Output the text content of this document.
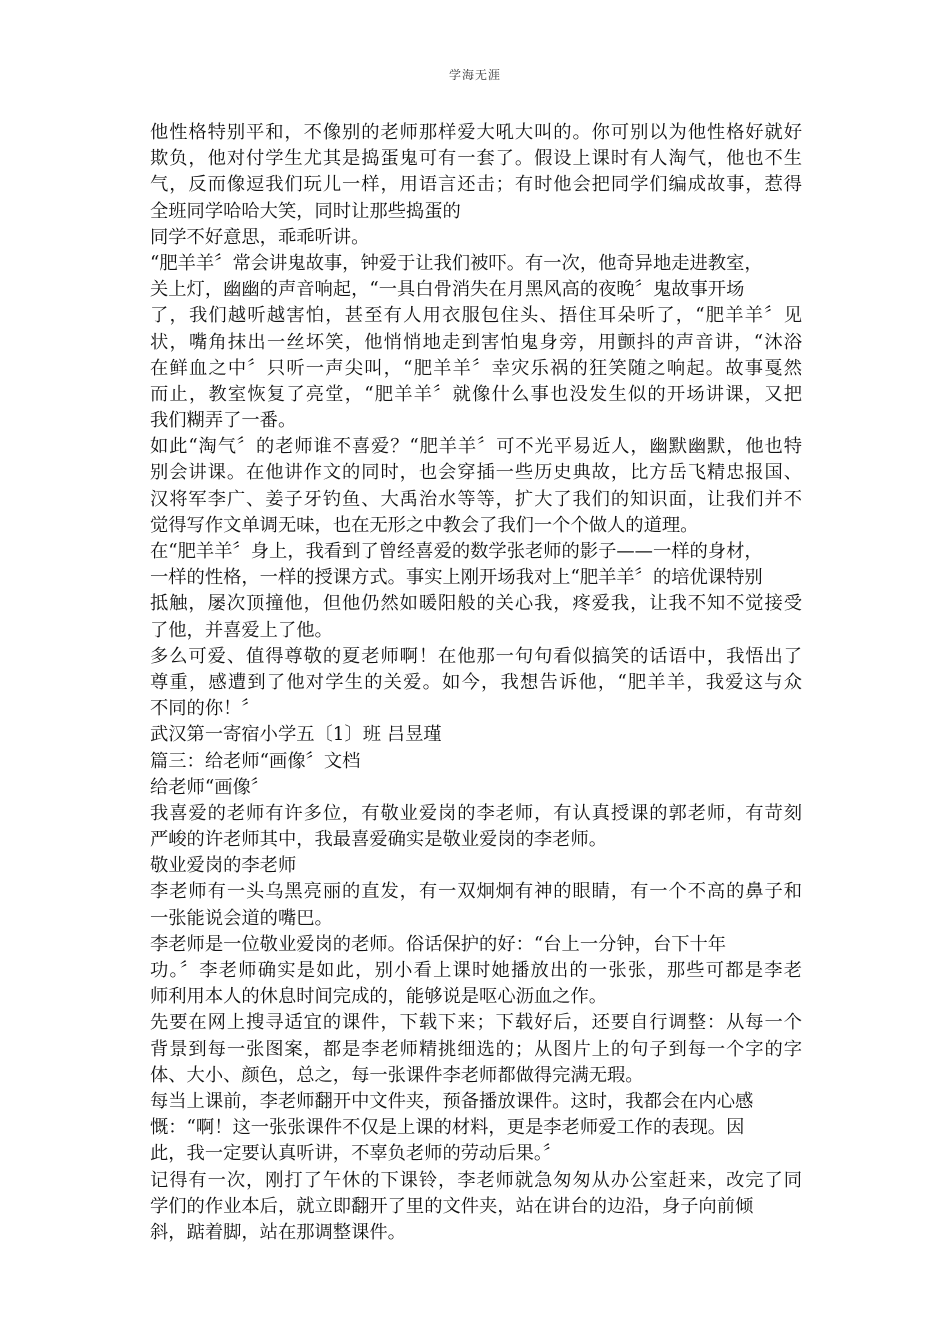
学海无涯
他性格特别平和，不像别的老师那样爱大吼大叫的。你可别以为他性格好就好
欺负，他对付学生尤其是捣蛋鬼可有一套了。假设上课时有人淘气，他也不生
气，反而像逗我们玩儿一样，用语言还击；有时他会把同学们编成故事，惹得
全班同学哈哈大笑，同时让那些捣蛋的
同学不好意思，乖乖听讲。
“肥羊羊〞常会讲鬼故事，钟爱于让我们被吓。有一次，他奇异地走进教室，
关上灯，幽幽的声音响起，“一具白骨消失在月黑风高的夜晚〞鬼故事开场
了，我们越听越害怕，甚至有人用衣服包住头、捂住耳朵听了，“肥羊羊〞见
状，嘴角抹出一丝坏笑，他悄悄地走到害怕鬼身旁，用颤抖的声音讲，“沐浴
在鲜血之中〞只听一声尖叫，“肥羊羊〞幸灾乐祸的狂笑随之响起。故事戛然
而止，教室恢复了亮堂，“肥羊羊〞就像什么事也没发生似的开场讲课，又把
我们糊弄了一番。
如此“淘气〞的老师谁不喜爱？“肥羊羊〞可不光平易近人，幽默幽默，他也特
别会讲课。在他讲作文的同时，也会穿插一些历史典故，比方岳飞精忠报国、
汉将军李广、姜子牙钓鱼、大禹治水等等，扩大了我们的知识面，让我们并不
觉得写作文单调无味，也在无形之中教会了我们一个个做人的道理。
在“肥羊羊〞身上，我看到了曾经喜爱的数学张老师的影子——一样的身材，
一样的性格，一样的授课方式。事实上刚开场我对上“肥羊羊〞的培优课特别
抵触，屡次顶撞他，但他仍然如暖阳般的关心我，疼爱我，让我不知不觉接受
了他，并喜爱上了他。
多么可爱、值得尊敬的夏老师啊！在他那一句句看似搞笑的话语中，我悟出了
尊重，感遭到了他对学生的关爱。如今，我想告诉他，“肥羊羊，我爱这与众
不同的你！〞
武汉第一寄宿小学五〔1〕班 吕昱瑾
篇三：给老师“画像〞文档
给老师“画像〞
我喜爱的老师有许多位，有敬业爱岗的李老师，有认真授课的郭老师，有苛刻
严峻的许老师其中，我最喜爱确实是敬业爱岗的李老师。
敬业爱岗的李老师
李老师有一头乌黑亮丽的直发，有一双炯炯有神的眼睛，有一个不高的鼻子和
一张能说会道的嘴巴。
李老师是一位敬业爱岗的老师。俗话保护的好：“台上一分钟，台下十年
功。〞李老师确实是如此，别小看上课时她播放出的一张张，那些可都是李老
师利用本人的休息时间完成的，能够说是呕心沥血之作。
先要在网上搜寻适宜的课件，下载下来；下载好后，还要自行调整：从每一个
背景到每一张图案，都是李老师精挑细选的；从图片上的句子到每一个字的字
体、大小、颜色，总之，每一张课件李老师都做得完满无瑕。
每当上课前，李老师翻开中文件夹，预备播放课件。这时，我都会在内心感
慨：“啊！这一张张课件不仅是上课的材料，更是李老师爱工作的表现。因
此，我一定要认真听讲，不辜负老师的劳动后果。〞
记得有一次，刚打了午休的下课铃，李老师就急匆匆从办公室赶来，改完了同
学们的作业本后，就立即翻开了里的文件夹，站在讲台的边沿，身子向前倾
斜，踮着脚，站在那调整课件。
